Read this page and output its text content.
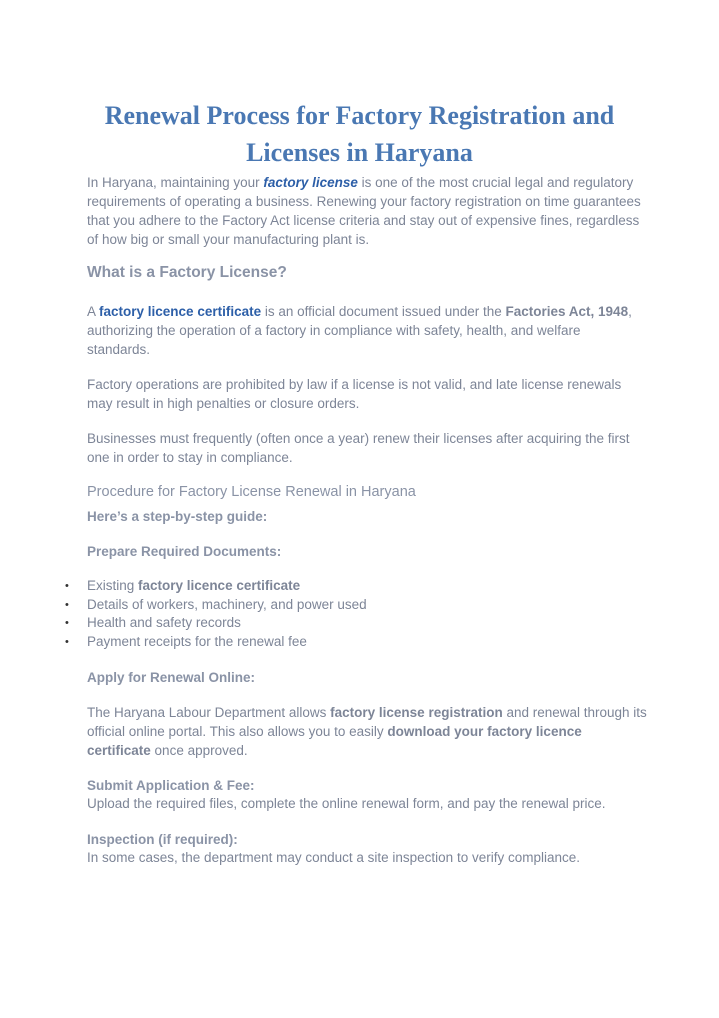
Renewal Process for Factory Registration and Licenses in Haryana

In Haryana, maintaining your factory license is one of the most crucial legal and regulatory requirements of operating a business. Renewing your factory registration on time guarantees that you adhere to the Factory Act license criteria and stay out of expensive fines, regardless of how big or small your manufacturing plant is.

What is a Factory License?

A factory licence certificate is an official document issued under the Factories Act, 1948, authorizing the operation of a factory in compliance with safety, health, and welfare standards.

Factory operations are prohibited by law if a license is not valid, and late license renewals may result in high penalties or closure orders.

Businesses must frequently (often once a year) renew their licenses after acquiring the first one in order to stay in compliance.

Procedure for Factory License Renewal in Haryana

Here’s a step-by-step guide:

Prepare Required Documents:

• Existing factory licence certificate
• Details of workers, machinery, and power used
• Health and safety records
• Payment receipts for the renewal fee

Apply for Renewal Online:

The Haryana Labour Department allows factory license registration and renewal through its official online portal. This also allows you to easily download your factory licence certificate once approved.

Submit Application & Fee:

Upload the required files, complete the online renewal form, and pay the renewal price.

Inspection (if required):

In some cases, the department may conduct a site inspection to verify compliance.
